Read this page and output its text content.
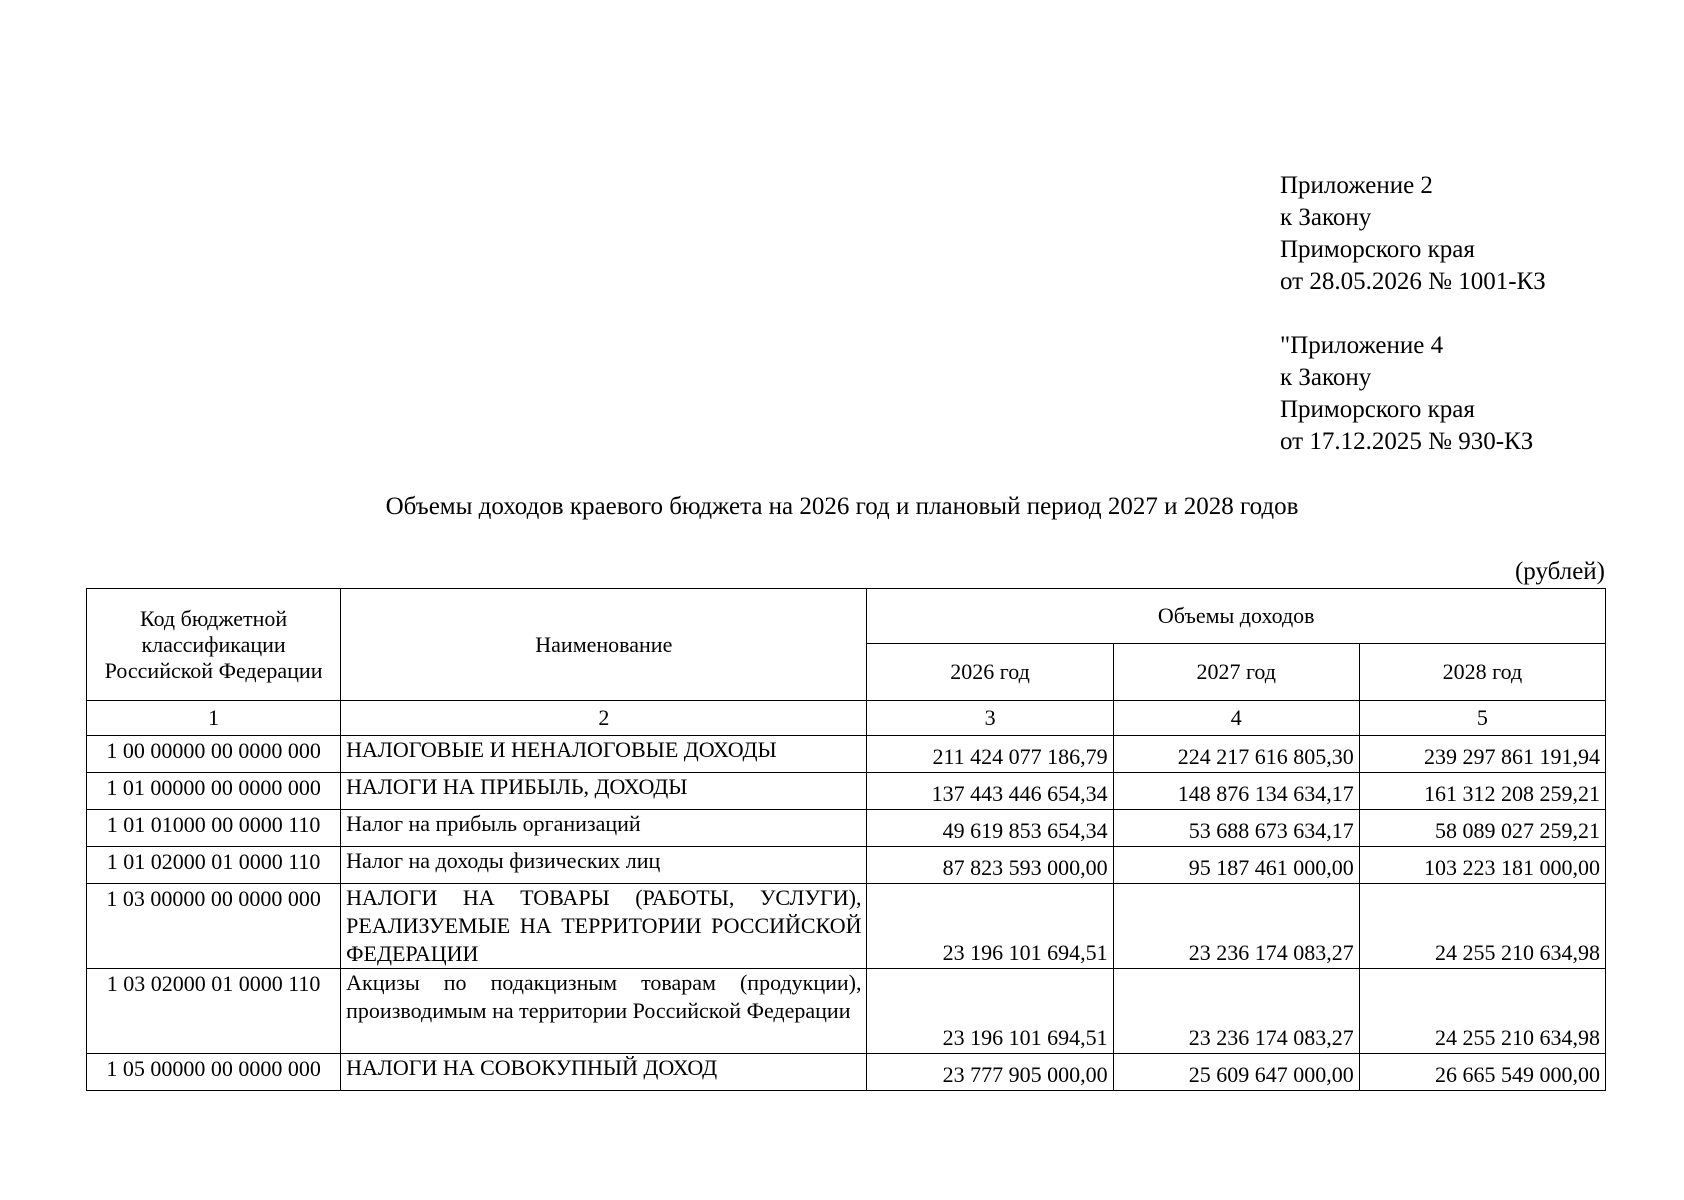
Приложение 2
к Закону
Приморского края
от 28.05.2026 № 1001-КЗ
"Приложение 4
к Закону
Приморского края
от 17.12.2025 № 930-КЗ
Объемы доходов краевого бюджета на 2026 год и плановый период 2027 и 2028 годов
(рублей)
Код бюджетной классификации Российской Федерации	Наименование	Объемы доходов		
		2026 год	2027 год	2028 год
1	2	3	4	5
1 00 00000 00 0000 000	НАЛОГОВЫЕ И НЕНАЛОГОВЫЕ ДОХОДЫ	211 424 077 186,79	224 217 616 805,30	239 297 861 191,94
1 01 00000 00 0000 000	НАЛОГИ НА ПРИБЫЛЬ, ДОХОДЫ	137 443 446 654,34	148 876 134 634,17	161 312 208 259,21
1 01 01000 00 0000 110	Налог на прибыль организаций	49 619 853 654,34	53 688 673 634,17	58 089 027 259,21
1 01 02000 01 0000 110	Налог на доходы физических лиц	87 823 593 000,00	95 187 461 000,00	103 223 181 000,00
1 03 00000 00 0000 000	НАЛОГИ НА ТОВАРЫ (РАБОТЫ, УСЛУГИ), РЕАЛИЗУЕМЫЕ НА ТЕРРИТОРИИ РОССИЙСКОЙ ФЕДЕРАЦИИ	23 196 101 694,51	23 236 174 083,27	24 255 210 634,98
1 03 02000 01 0000 110	Акцизы по подакцизным товарам (продукции), производимым на территории Российской Федерации	23 196 101 694,51	23 236 174 083,27	24 255 210 634,98
1 05 00000 00 0000 000	НАЛОГИ НА СОВОКУПНЫЙ ДОХОД	23 777 905 000,00	25 609 647 000,00	26 665 549 000,00
